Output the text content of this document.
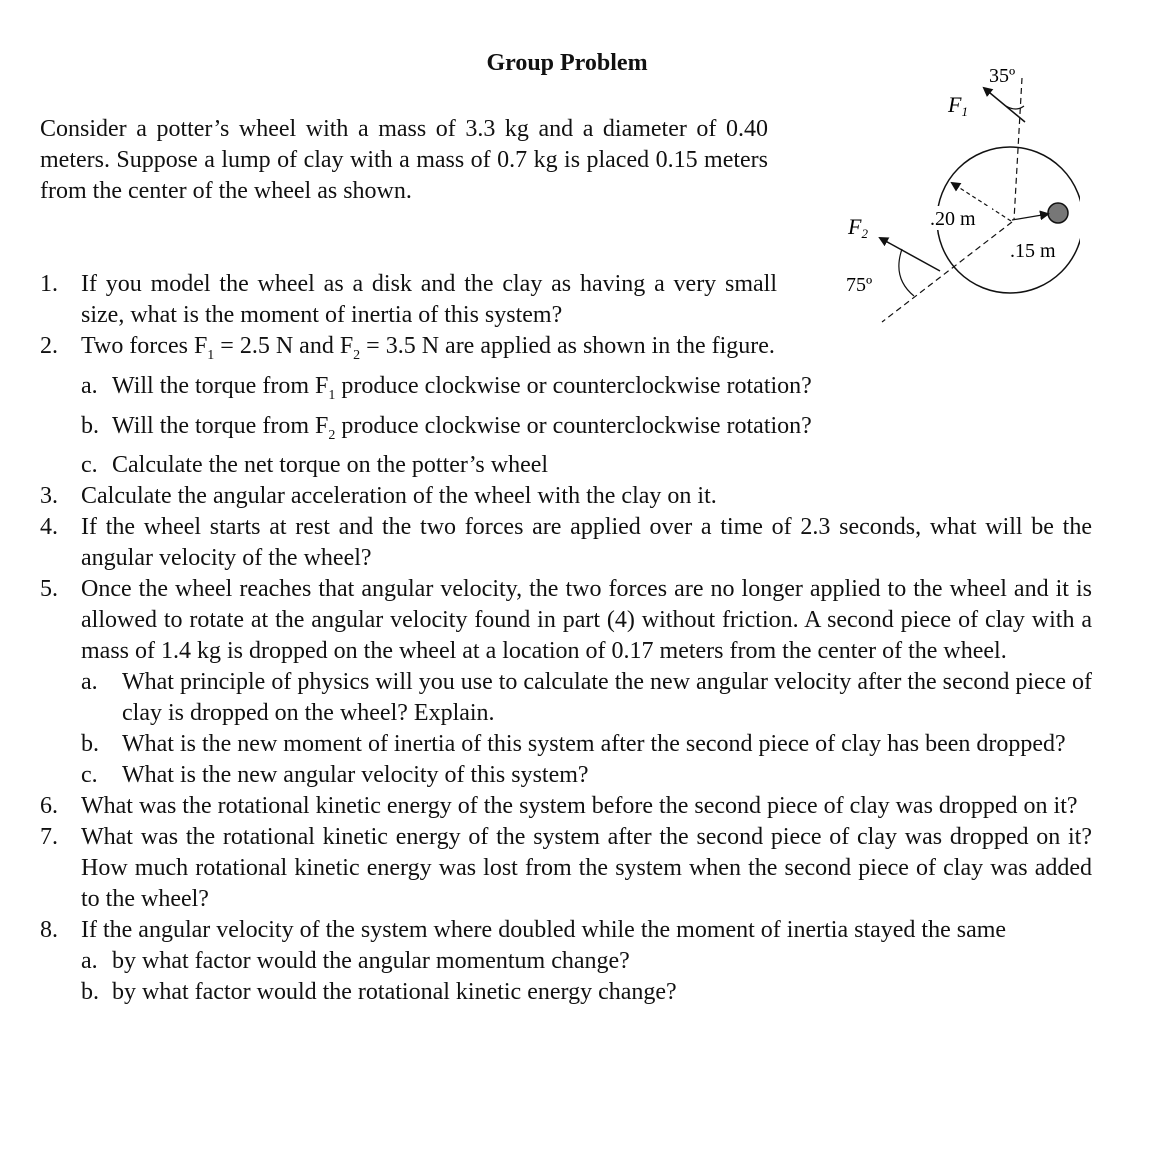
Group Problem
Consider a potter’s wheel with a mass of 3.3 kg and a diameter of 0.40 meters. Suppose a lump of clay with a mass of 0.7 kg is placed 0.15 meters from the center of the wheel as shown.
F1
35º
F2
75º
.20 m
.15 m
1. If you model the wheel as a disk and the clay as having a very small size, what is the moment of inertia of this system?
2. Two forces $F_1 = 2.5$ N and $F_2 = 3.5$ N are applied as shown in the figure.
a. Will the torque from $F_1$ produce clockwise or counterclockwise rotation?
b. Will the torque from $F_2$ produce clockwise or counterclockwise rotation?
c. Calculate the net torque on the potter’s wheel
3. Calculate the angular acceleration of the wheel with the clay on it.
4. If the wheel starts at rest and the two forces are applied over a time of 2.3 seconds, what will be the angular velocity of the wheel?
5. Once the wheel reaches that angular velocity, the two forces are no longer applied to the wheel and it is allowed to rotate at the angular velocity found in part (4) without friction. A second piece of clay with a mass of 1.4 kg is dropped on the wheel at a location of 0.17 meters from the center of the wheel.
a. What principle of physics will you use to calculate the new angular velocity after the second piece of clay is dropped on the wheel? Explain.
b. What is the new moment of inertia of this system after the second piece of clay has been dropped?
c. What is the new angular velocity of this system?
6. What was the rotational kinetic energy of the system before the second piece of clay was dropped on it?
7. What was the rotational kinetic energy of the system after the second piece of clay was dropped on it? How much rotational kinetic energy was lost from the system when the second piece of clay was added to the wheel?
8. If the angular velocity of the system where doubled while the moment of inertia stayed the same
a. by what factor would the angular momentum change?
b. by what factor would the rotational kinetic energy change?
